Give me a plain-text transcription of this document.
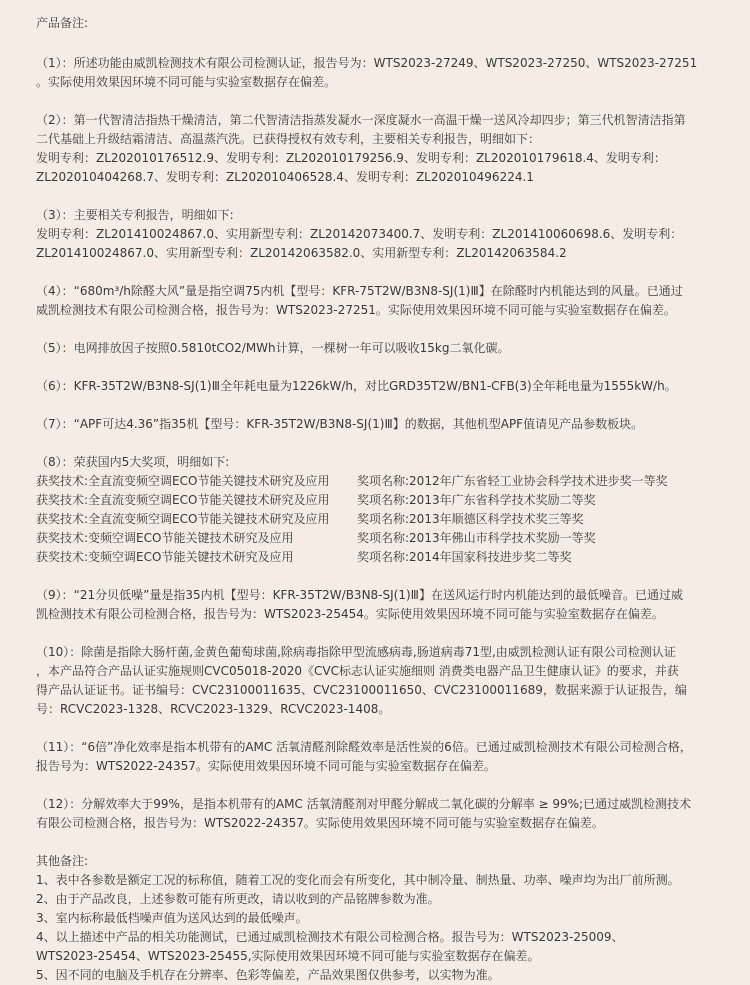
产品备注:
（1）：所述功能由威凯检测技术有限公司检测认证，报告号为：WTS2023-27249、WTS2023-27250、WTS2023-27251
。实际使用效果因环境不同可能与实验室数据存在偏差。
（2）：第一代智清洁指热干燥清洁，第二代智清洁指蒸发凝水一深度凝水一高温干燥一送风冷却四步；第三代机智清洁指第
二代基础上升级结霜清洁、高温蒸汽洗。已获得授权有效专利，主要相关专利报告，明细如下：
发明专利：ZL202010176512.9、发明专利：ZL202010179256.9、发明专利：ZL202010179618.4、发明专利：
ZL202010404268.7、发明专利：ZL202010406528.4、发明专利：ZL202010496224.1
（3）：主要相关专利报告，明细如下:
发明专利：ZL201410024867.0、实用新型专利：ZL20142073400.7、发明专利：ZL201410060698.6、发明专利：
ZL201410024867.0、实用新型专利：ZL20142063582.0、实用新型专利：ZL20142063584.2
（4）：“680m³/h除醛大风”量是指空调75内机【型号：KFR-75T2W/B3N8-SJ(1)Ⅲ】在除醛时内机能达到的风量。已通过
威凯检测技术有限公司检测合格，报告号为：WTS2023-27251。实际使用效果因环境不同可能与实验室数据存在偏差。
（5）：电网排放因子按照0.5810tCO2/MWh计算，一棵树一年可以吸收15kg二氧化碳。
（6）：KFR-35T2W/B3N8-SJ(1)Ⅲ全年耗电量为1226kW/h，对比GRD35T2W/BN1-CFB(3)全年耗电量为1555kW/h。
（7）：“APF可达4.36”指35机【型号：KFR-35T2W/B3N8-SJ(1)Ⅲ】的数据，其他机型APF值请见产品参数板块。
（8）：荣获国内5大奖项，明细如下:
获奖技术:全直流变频空调ECO节能关键技术研究及应用 奖项名称:2012年广东省轻工业协会科学技术进步奖一等奖
获奖技术:全直流变频空调ECO节能关键技术研究及应用 奖项名称:2013年广东省科学技术奖励二等奖
获奖技术:全直流变频空调ECO节能关键技术研究及应用 奖项名称:2013年顺德区科学技术奖三等奖
获奖技术:变频空调ECO节能关键技术研究及应用	奖项名称:2013年佛山市科学技术奖励一等奖
获奖技术:变频空调ECO节能关键技术研究及应用	奖项名称:2014年国家科技进步奖二等奖
（9）：“21分贝低噪”量是指35内机【型号：KFR-35T2W/B3N8-SJ(1)Ⅲ】在送风运行时内机能达到的最低噪音。已通过威
凯检测技术有限公司检测合格，报告号为：WTS2023-25454。实际使用效果因环境不同可能与实验室数据存在偏差。
（10）：除菌是指除大肠杆菌,金黄色葡萄球菌,除病毒指除甲型流感病毒,肠道病毒71型,由威凯检测认证有限公司检测认证
，本产品符合产品认证实施规则CVC05018-2020《CVC标志认证实施细则 消费类电器产品卫生健康认证》的要求，并获
得产品认证证书。证书编号：CVC23100011635、CVC23100011650、CVC23100011689，数据来源于认证报告，编
号：RCVC2023-1328、RCVC2023-1329、RCVC2023-1408。
（11）：“6倍”净化效率是指本机带有的AMC 活氧清醛剂除醛效率是活性炭的6倍。已通过威凯检测技术有限公司检测合格，
报告号为：WTS2022-24357。实际使用效果因环境不同可能与实验室数据存在偏差。
（12）：分解效率大于99%，是指本机带有的AMC 活氧清醛剂对甲醛分解成二氧化碳的分解率 ≥ 99%;已通过威凯检测技术
有限公司检测合格，报告号为：WTS2022-24357。实际使用效果因环境不同可能与实验室数据存在偏差。
其他备注:
1、表中各参数是额定工况的标称值，随着工况的变化而会有所变化，其中制冷量、制热量、功率、噪声均为出厂前所测。
2、由于产品改良，上述参数可能有所更改，请以收到的产品铭牌参数为准。
3、室内标称最低档噪声值为送风达到的最低噪声。
4、以上描述中产品的相关功能测试，已通过威凯检测技术有限公司检测合格。报告号为：WTS2023-25009、
WTS2023-25454、WTS2023-25455,实际使用效果因环境不同可能与实验室数据存在偏差。
5、因不同的电脑及手机存在分辨率、色彩等偏差，产品效果图仅供参考，以实物为准。
